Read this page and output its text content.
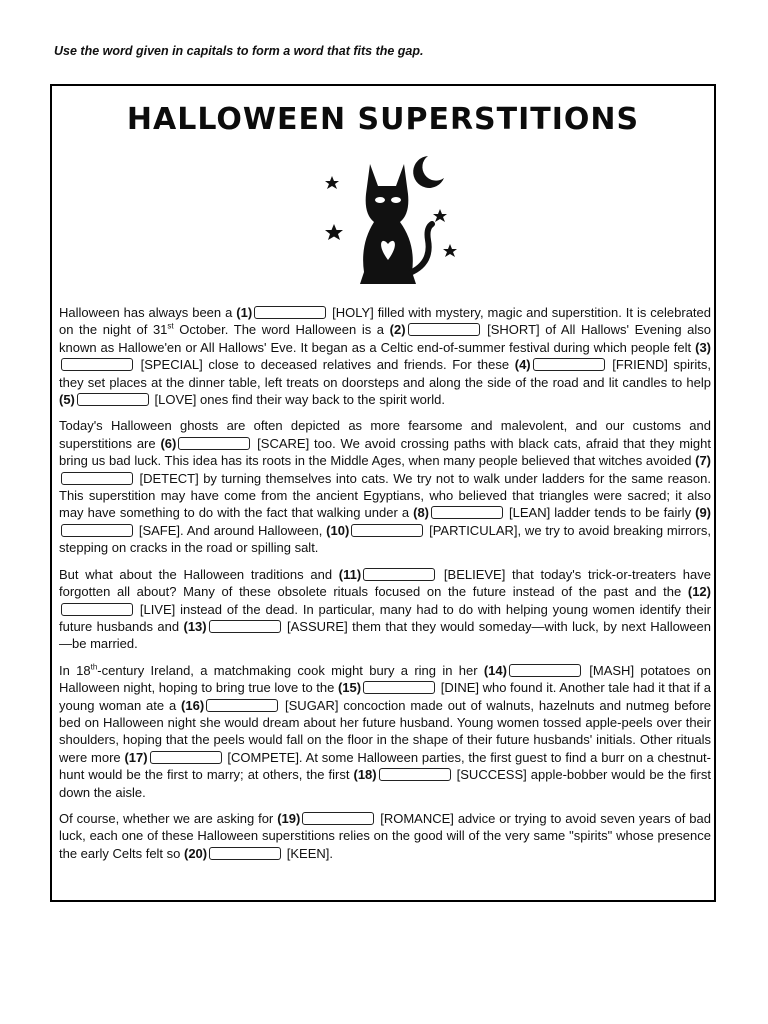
Use the word given in capitals to form a word that fits the gap.
HALLOWEEN SUPERSTITIONS

Halloween has always been a (1)	[HOLY] filled with mystery, magic and superstition. It is celebrated on the night of 31st October. The word Halloween is a (2)	[SHORT] of All Hallows' Evening also known as Hallowe'en or All Hallows' Eve. It began as a Celtic end-of-summer festival during which people felt (3) [SPECIAL] close to deceased relatives and friends. For these (4)	[FRIEND] spirits, they set places at the dinner table, left treats on doorsteps and along the side of the road and lit candles to help (5)	[LOVE] ones find their way back to the spirit world.

Today's Halloween ghosts are often depicted as more fearsome and malevolent, and our customs and superstitions are (6)	[SCARE] too. We avoid crossing paths with black cats, afraid that they might bring us bad luck. This idea has its roots in the Middle Ages, when many people believed that witches avoided (7) [DETECT] by turning themselves into cats. We try not to walk under ladders for the same reason. This superstition may have come from the ancient Egyptians, who believed that triangles were sacred; it also may have something to do with the fact that walking under a (8)	[LEAN] ladder tends to be fairly (9) [SAFE]. And around Halloween, (10)	[PARTICULAR], we try to avoid breaking mirrors, stepping on cracks in the road or spilling salt.

But what about the Halloween traditions and (11)	[BELIEVE] that today's trick-or-treaters have forgotten all about? Many of these obsolete rituals focused on the future instead of the past and the (12) [LIVE] instead of the dead. In particular, many had to do with helping young women identify their future husbands and (13)	[ASSURE] them that they would someday—with luck, by next Halloween—be married.

In 18th-century Ireland, a matchmaking cook might bury a ring in her (14)	[MASH] potatoes on Halloween night, hoping to bring true love to the (15)	[DINE] who found it. Another tale had it that if a young woman ate a (16)	[SUGAR] concoction made out of walnuts, hazelnuts and nutmeg before bed on Halloween night she would dream about her future husband. Young women tossed apple-peels over their shoulders, hoping that the peels would fall on the floor in the shape of their future husbands' initials. Other rituals were more (17)	[COMPETE]. At some Halloween parties, the first guest to find a burr on a chestnut-hunt would be the first to marry; at others, the first (18)	[SUCCESS] apple-bobber would be the first down the aisle.

Of course, whether we are asking for (19)	[ROMANCE] advice or trying to avoid seven years of bad luck, each one of these Halloween superstitions relies on the good will of the very same "spirits" whose presence the early Celts felt so (20)	[KEEN].
